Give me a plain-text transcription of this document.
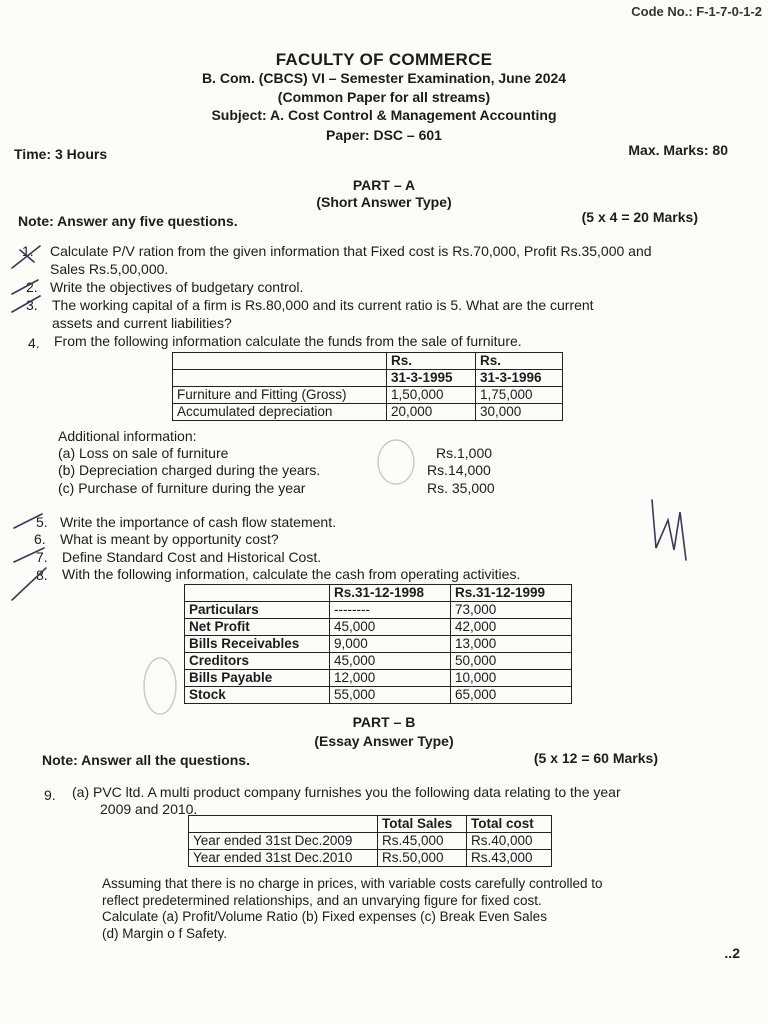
Code No.: F-1-7-0-1-2
FACULTY OF COMMERCE
B. Com. (CBCS) VI – Semester Examination, June 2024
(Common Paper for all streams)
Subject: A. Cost Control & Management Accounting
Paper: DSC – 601
Time: 3 Hours	Max. Marks: 80
PART – A
(Short Answer Type)
Note: Answer any five questions.	(5 x 4 = 20 Marks)
1. Calculate P/V ration from the given information that Fixed cost is Rs.70,000, Profit Rs.35,000 and
Sales Rs.5,00,000.
2. Write the objectives of budgetary control.
3. The working capital of a firm is Rs.80,000 and its current ratio is 5. What are the current
assets and current liabilities?
4. From the following information calculate the funds from the sale of furniture.
	Rs.	Rs.
	31-3-1995	31-3-1996
Furniture and Fitting (Gross)	1,50,000	1,75,000
Accumulated depreciation	20,000	30,000
Additional information:
(a) Loss on sale of furniture	Rs.1,000
(b) Depreciation charged during the years.	Rs.14,000
(c) Purchase of furniture during the year	Rs. 35,000
5. Write the importance of cash flow statement.
6. What is meant by opportunity cost?
7. Define Standard Cost and Historical Cost.
8. With the following information, calculate the cash from operating activities.
	Rs.31-12-1998	Rs.31-12-1999
Particulars	--------	73,000
Net Profit	45,000	42,000
Bills Receivables	9,000	13,000
Creditors	45,000	50,000
Bills Payable	12,000	10,000
Stock	55,000	65,000
PART – B
(Essay Answer Type)
Note: Answer all the questions.	(5 x 12 = 60 Marks)
9. (a) PVC ltd. A multi product company furnishes you the following data relating to the year
2009 and 2010.
	Total Sales	Total cost
Year ended 31st Dec.2009	Rs.45,000	Rs.40,000
Year ended 31st Dec.2010	Rs.50,000	Rs.43,000
Assuming that there is no charge in prices, with variable costs carefully controlled to
reflect predetermined relationships, and an unvarying figure for fixed cost.
Calculate (a) Profit/Volume Ratio (b) Fixed expenses (c) Break Even Sales
(d) Margin o f Safety.
..2
